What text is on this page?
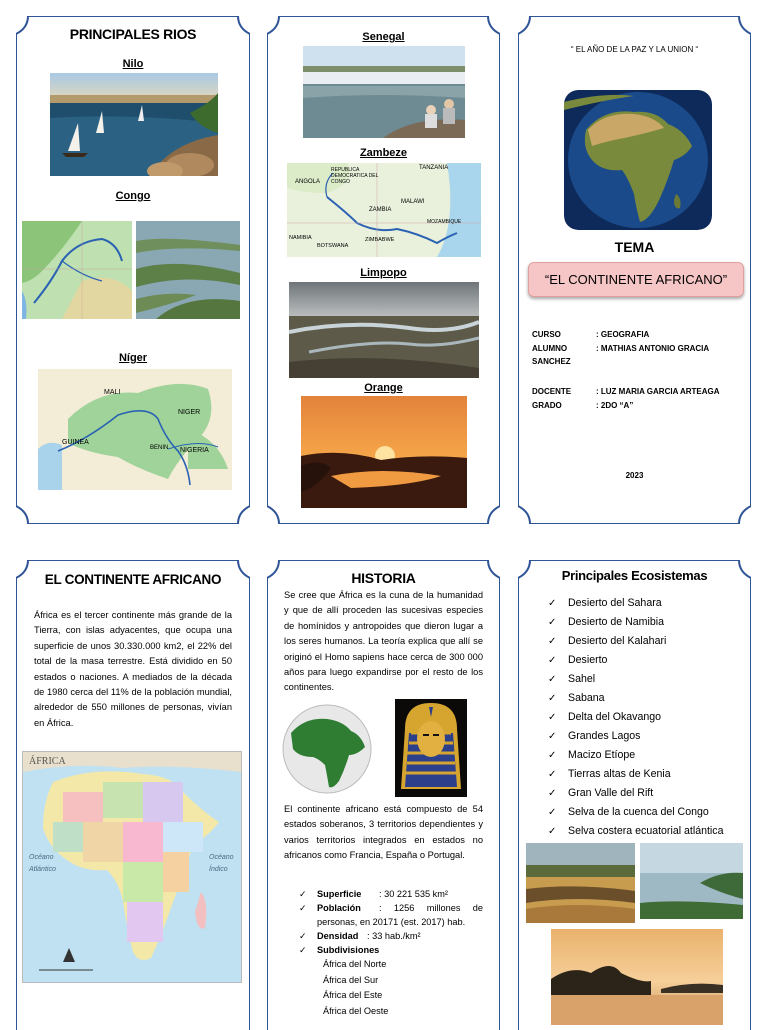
PRINCIPALES RIOS
Nilo
Congo
Níger
MALI
NIGER
GUINEA
BENIN NIGERIA
Senegal
Zambeze
TANZANIA
ANGOLA
REPUBLICA DEMOCRATICA DEL CONGO
ZAMBIA
MALAWI
NAMIBIA
BOTSWANA
ZIMBABWE
MOZAMBIQUE
Limpopo
Orange
“ EL AÑO DE LA PAZ Y LA UNION “
TEMA
“EL CONTINENTE AFRICANO”
CURSO	: GEOGRAFIA
ALUMNO	: MATHIAS ANTONIO GRACIA
SANCHEZ
DOCENTE	: LUZ MARIA GARCIA ARTEAGA
GRADO	: 2DO “A”
2023
EL CONTINENTE AFRICANO
África es el tercer continente más grande de la Tierra, con islas adyacentes, que ocupa una superficie de unos 30.330.000 km2, el 22% del total de la masa terrestre. Está dividido en 50 estados o naciones. A mediados de la década de 1980 cerca del 11% de la población mundial, alrededor de 550 millones de personas, vivían en África.
ÁFRICA
Océano Atlántico
Océano Índico
HISTORIA
Se cree que África es la cuna de la humanidad y que de allí proceden las sucesivas especies de homínidos y antropoides que dieron lugar a los seres humanos. La teoría explica que allí se originó el Homo sapiens hace cerca de 300 000 años para luego expandirse por el resto de los continentes.
El continente africano está compuesto de 54 estados soberanos, 3 territorios dependientes y varios territorios integrados en estados no africanos como Francia, España o Portugal.
✓ Superficie : 30 221 535 km²
✓ Población : 1256 millones de personas, en 20171 (est. 2017) hab.
✓ Densidad : 33 hab./km²
✓ Subdivisiones
África del Norte
África del Sur
África del Este
África del Oeste
Principales Ecosistemas
✓ Desierto del Sahara
✓ Desierto de Namibia
✓ Desierto del Kalahari
✓ Desierto
✓ Sahel
✓ Sabana
✓ Delta del Okavango
✓ Grandes Lagos
✓ Macizo Etíope
✓ Tierras altas de Kenia
✓ Gran Valle del Rift
✓ Selva de la cuenca del Congo
✓ Selva costera ecuatorial atlántica
